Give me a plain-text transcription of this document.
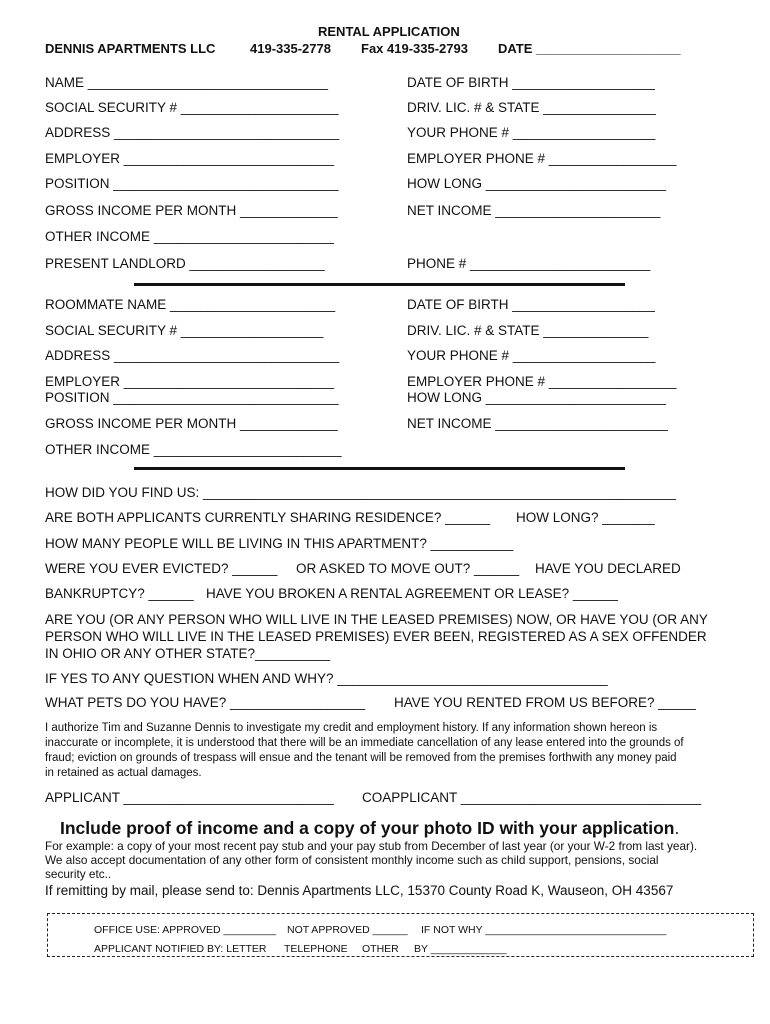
RENTAL APPLICATION
DENNIS APARTMENTS LLC	419-335-2778 Fax 419-335-2793 DATE ____________________
NAME ________________________________	DATE OF BIRTH ___________________
SOCIAL SECURITY # _____________________	DRIV. LIC. # & STATE _______________
ADDRESS ______________________________	YOUR PHONE # ___________________
EMPLOYER ____________________________	EMPLOYER PHONE # _________________
POSITION ______________________________	HOW LONG ________________________
GROSS INCOME PER MONTH _____________	NET INCOME ______________________
OTHER INCOME ________________________
PRESENT LANDLORD __________________	PHONE # ________________________
ROOMMATE NAME ______________________	DATE OF BIRTH ___________________
SOCIAL SECURITY # ___________________	DRIV. LIC. # & STATE ______________
ADDRESS ______________________________	YOUR PHONE # ___________________
EMPLOYER ____________________________	EMPLOYER PHONE # _________________
POSITION ______________________________	HOW LONG ________________________
GROSS INCOME PER MONTH _____________	NET INCOME _______________________
OTHER INCOME _________________________
HOW DID YOU FIND US: _______________________________________________________________
ARE BOTH APPLICANTS CURRENTLY SHARING RESIDENCE? ______ HOW LONG? _______
HOW MANY PEOPLE WILL BE LIVING IN THIS APARTMENT? ___________
WERE YOU EVER EVICTED? ______ OR ASKED TO MOVE OUT? ______ HAVE YOU DECLARED
BANKRUPTCY? ______ HAVE YOU BROKEN A RENTAL AGREEMENT OR LEASE? ______
ARE YOU (OR ANY PERSON WHO WILL LIVE IN THE LEASED PREMISES) NOW, OR HAVE YOU (OR ANY
PERSON WHO WILL LIVE IN THE LEASED PREMISES) EVER BEEN, REGISTERED AS A SEX OFFENDER
IN OHIO OR ANY OTHER STATE?__________
IF YES TO ANY QUESTION WHEN AND WHY? ____________________________________
WHAT PETS DO YOU HAVE? __________________ HAVE YOU RENTED FROM US BEFORE? _____
I authorize Tim and Suzanne Dennis to investigate my credit and employment history. If any information shown hereon is
inaccurate or incomplete, it is understood that there will be an immediate cancellation of any lease entered into the grounds of
fraud; eviction on grounds of trespass will ensue and the tenant will be removed from the premises forthwith any money paid
in retained as actual damages.
APPLICANT ____________________________ COAPPLICANT ________________________________
Include proof of income and a copy of your photo ID with your application.
For example: a copy of your most recent pay stub and your pay stub from December of last year (or your W-2 from last year).
We also accept documentation of any other form of consistent monthly income such as child support, pensions, social
security etc..
If remitting by mail, please send to: Dennis Apartments LLC, 15370 County Road K, Wauseon, OH 43567
OFFICE USE: APPROVED _________ NOT APPROVED ______ IF NOT WHY _______________________________
APPLICANT NOTIFIED BY: LETTER TELEPHONE OTHER BY _____________
